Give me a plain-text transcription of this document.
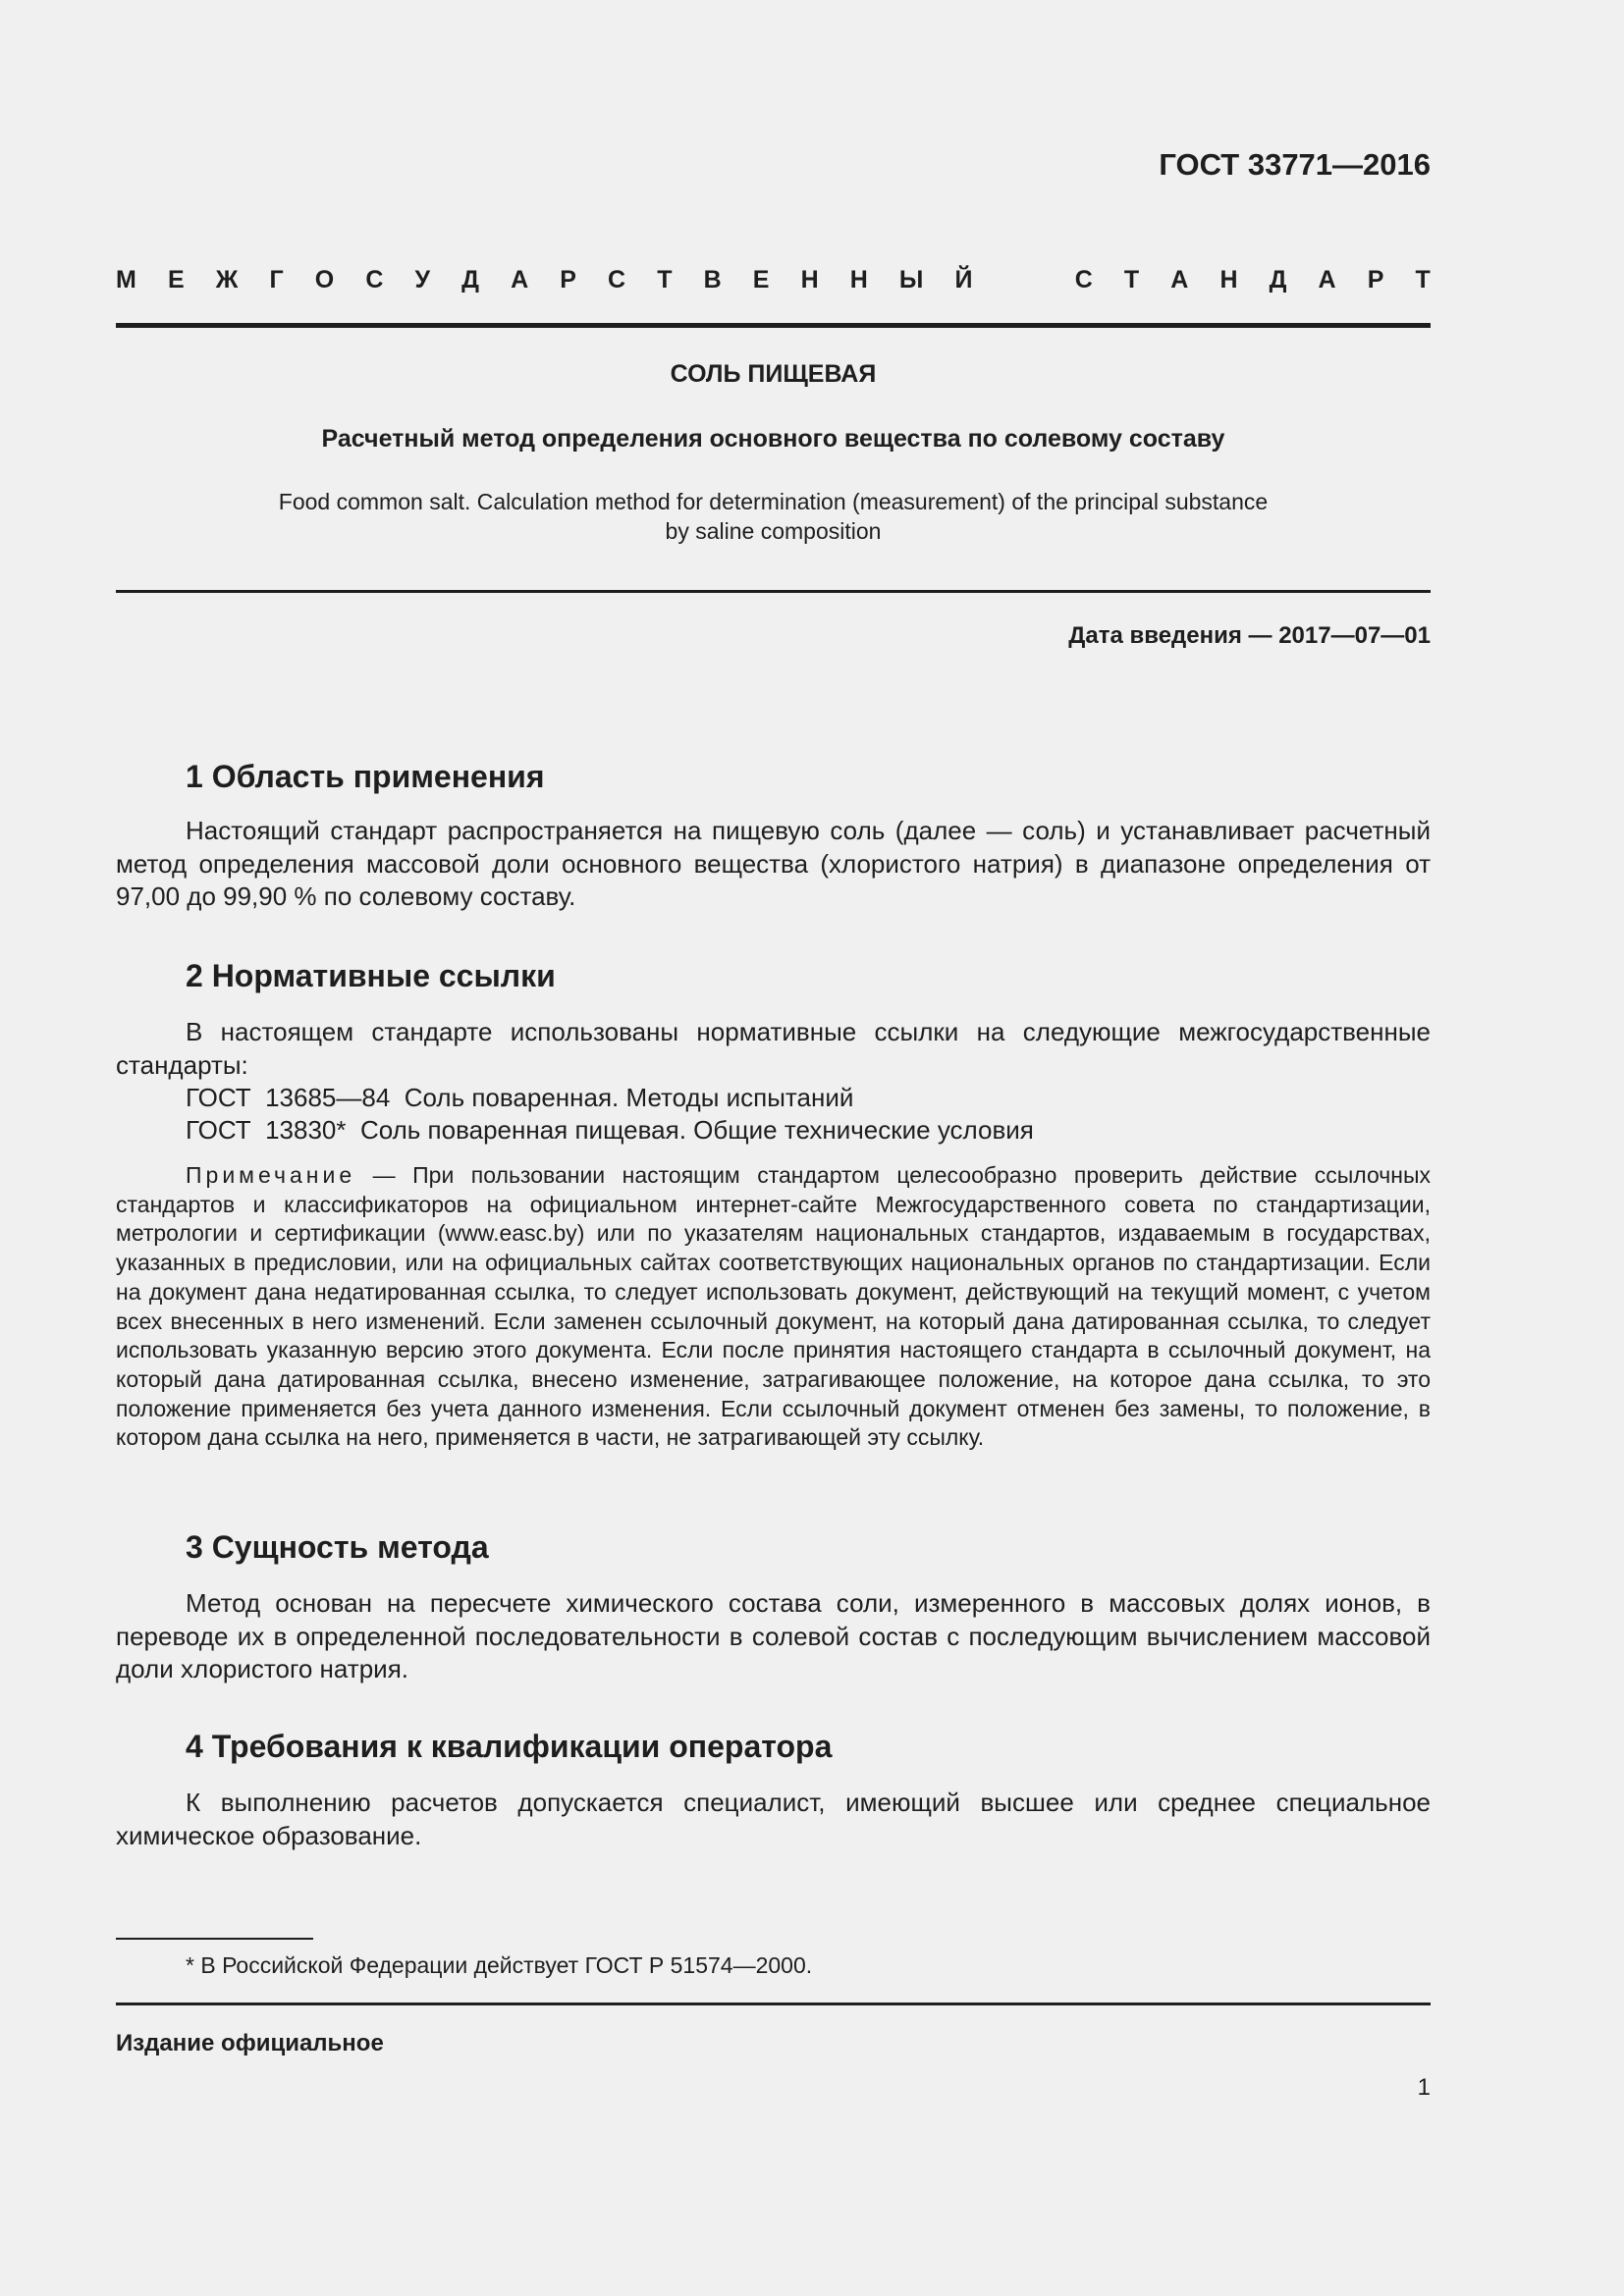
ГОСТ 33771—2016

М Е Ж Г О С У Д А Р С Т В Е Н Н Ы Й	С Т А Н Д А Р Т

СОЛЬ ПИЩЕВАЯ

Расчетный метод определения основного вещества по солевому составу

Food common salt. Calculation method for determination (measurement) of the principal substance
by saline composition

Дата введения — 2017—07—01

1 Область применения

Настоящий стандарт распространяется на пищевую соль (далее — соль) и устанавливает расчетный метод определения массовой доли основного вещества (хлористого натрия) в диапазоне определения от 97,00 до 99,90 % по солевому составу.

2 Нормативные ссылки

В настоящем стандарте использованы нормативные ссылки на следующие межгосударственные стандарты:

ГОСТ  13685—84  Соль поваренная. Методы испытаний

ГОСТ  13830*  Соль поваренная пищевая. Общие технические условия

Примечание — При пользовании настоящим стандартом целесообразно проверить действие ссылочных стандартов и классификаторов на официальном интернет-сайте Межгосударственного совета по стандартизации, метрологии и сертификации (www.easc.by) или по указателям национальных стандартов, издаваемым в государствах, указанных в предисловии, или на официальных сайтах соответствующих национальных органов по стандартизации. Если на документ дана недатированная ссылка, то следует использовать документ, действующий на текущий момент, с учетом всех внесенных в него изменений. Если заменен ссылочный документ, на который дана датированная ссылка, то следует использовать указанную версию этого документа. Если после принятия настоящего стандарта в ссылочный документ, на который дана датированная ссылка, внесено изменение, затрагивающее положение, на которое дана ссылка, то это положение применяется без учета данного изменения. Если ссылочный документ отменен без замены, то положение, в котором дана ссылка на него, применяется в части, не затрагивающей эту ссылку.

3 Сущность метода

Метод основан на пересчете химического состава соли, измеренного в массовых долях ионов, в переводе их в определенной последовательности в солевой состав с последующим вычислением массовой доли хлористого натрия.

4 Требования к квалификации оператора

К выполнению расчетов допускается специалист, имеющий высшее или среднее специальное химическое образование.

* В Российской Федерации действует ГОСТ Р 51574—2000.

Издание официальное

1
